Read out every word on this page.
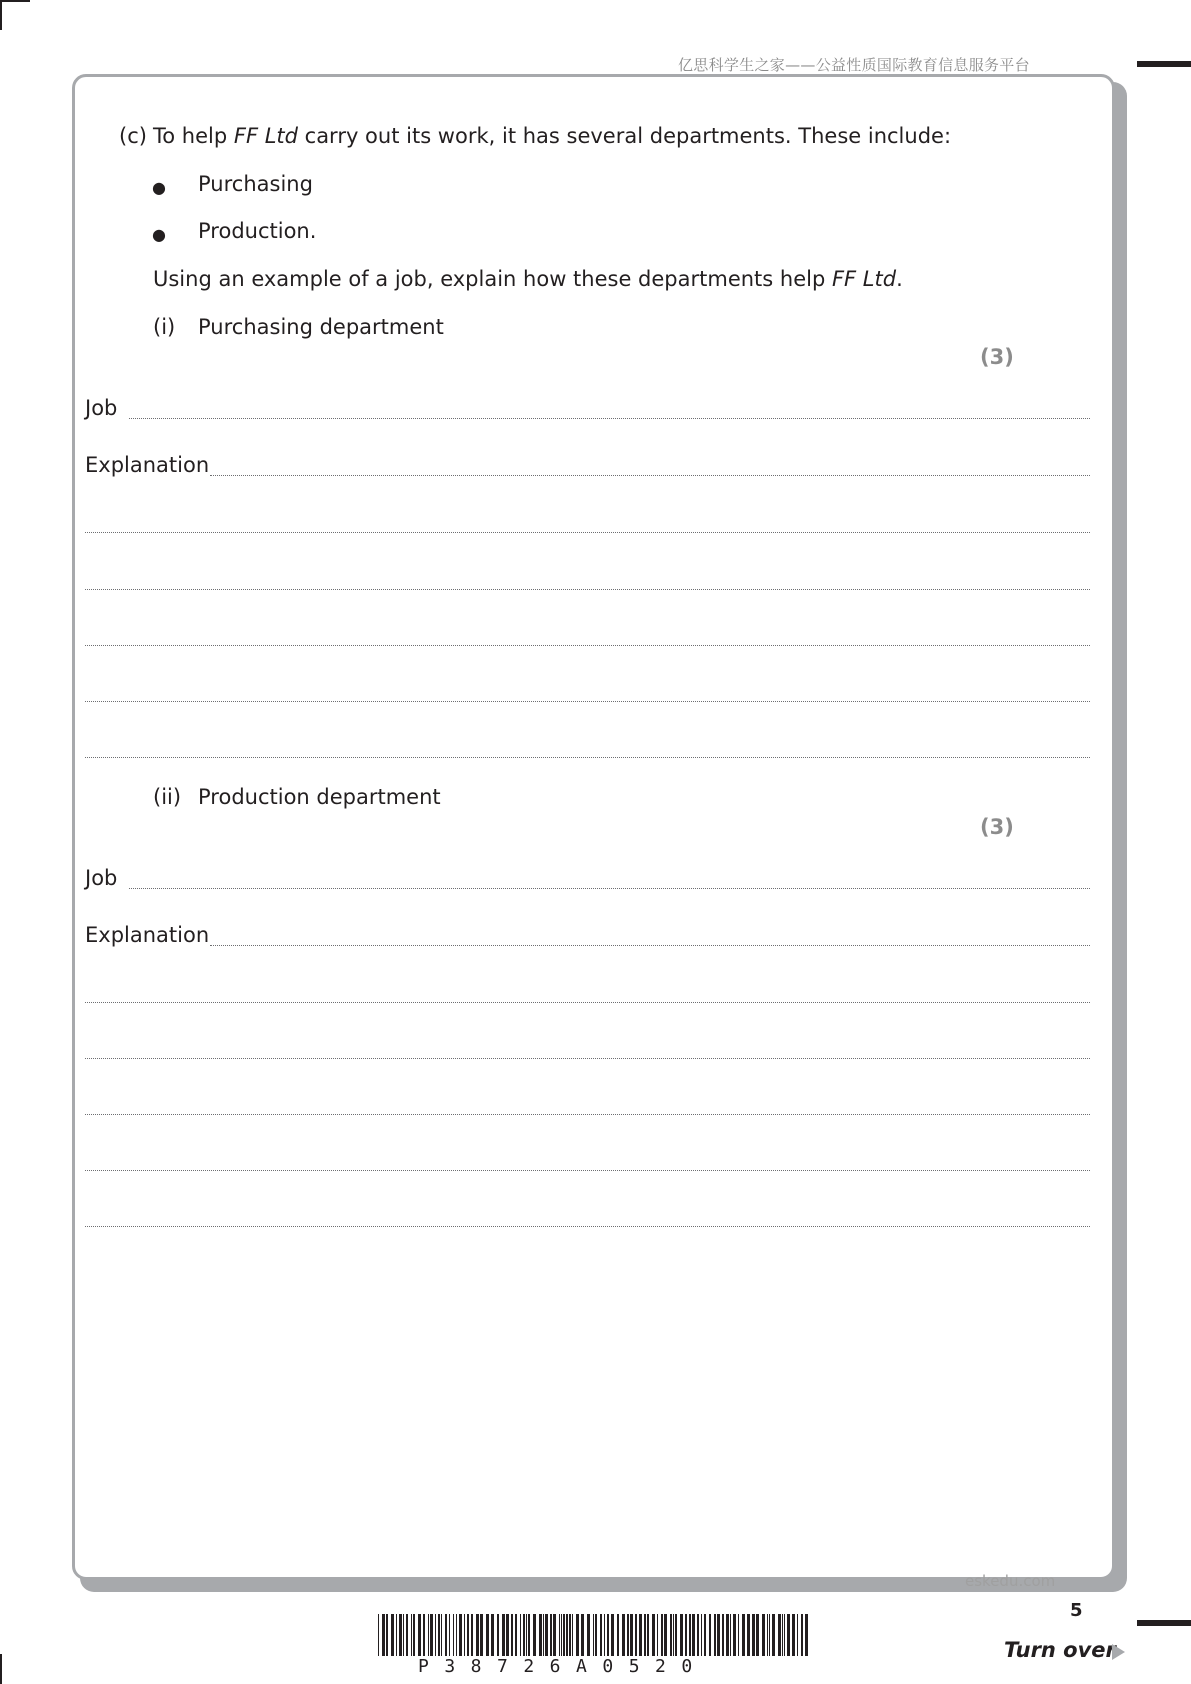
亿思科学生之家——公益性质国际教育信息服务平台
(c) To help FF Ltd carry out its work, it has several departments. These include:
● Purchasing
● Production.
Using an example of a job, explain how these departments help FF Ltd.
(i) Purchasing department
(3)
Job
Explanation
(ii) Production department
(3)
Job
Explanation
eskedu.com
5
Turn over
P38726A0520
